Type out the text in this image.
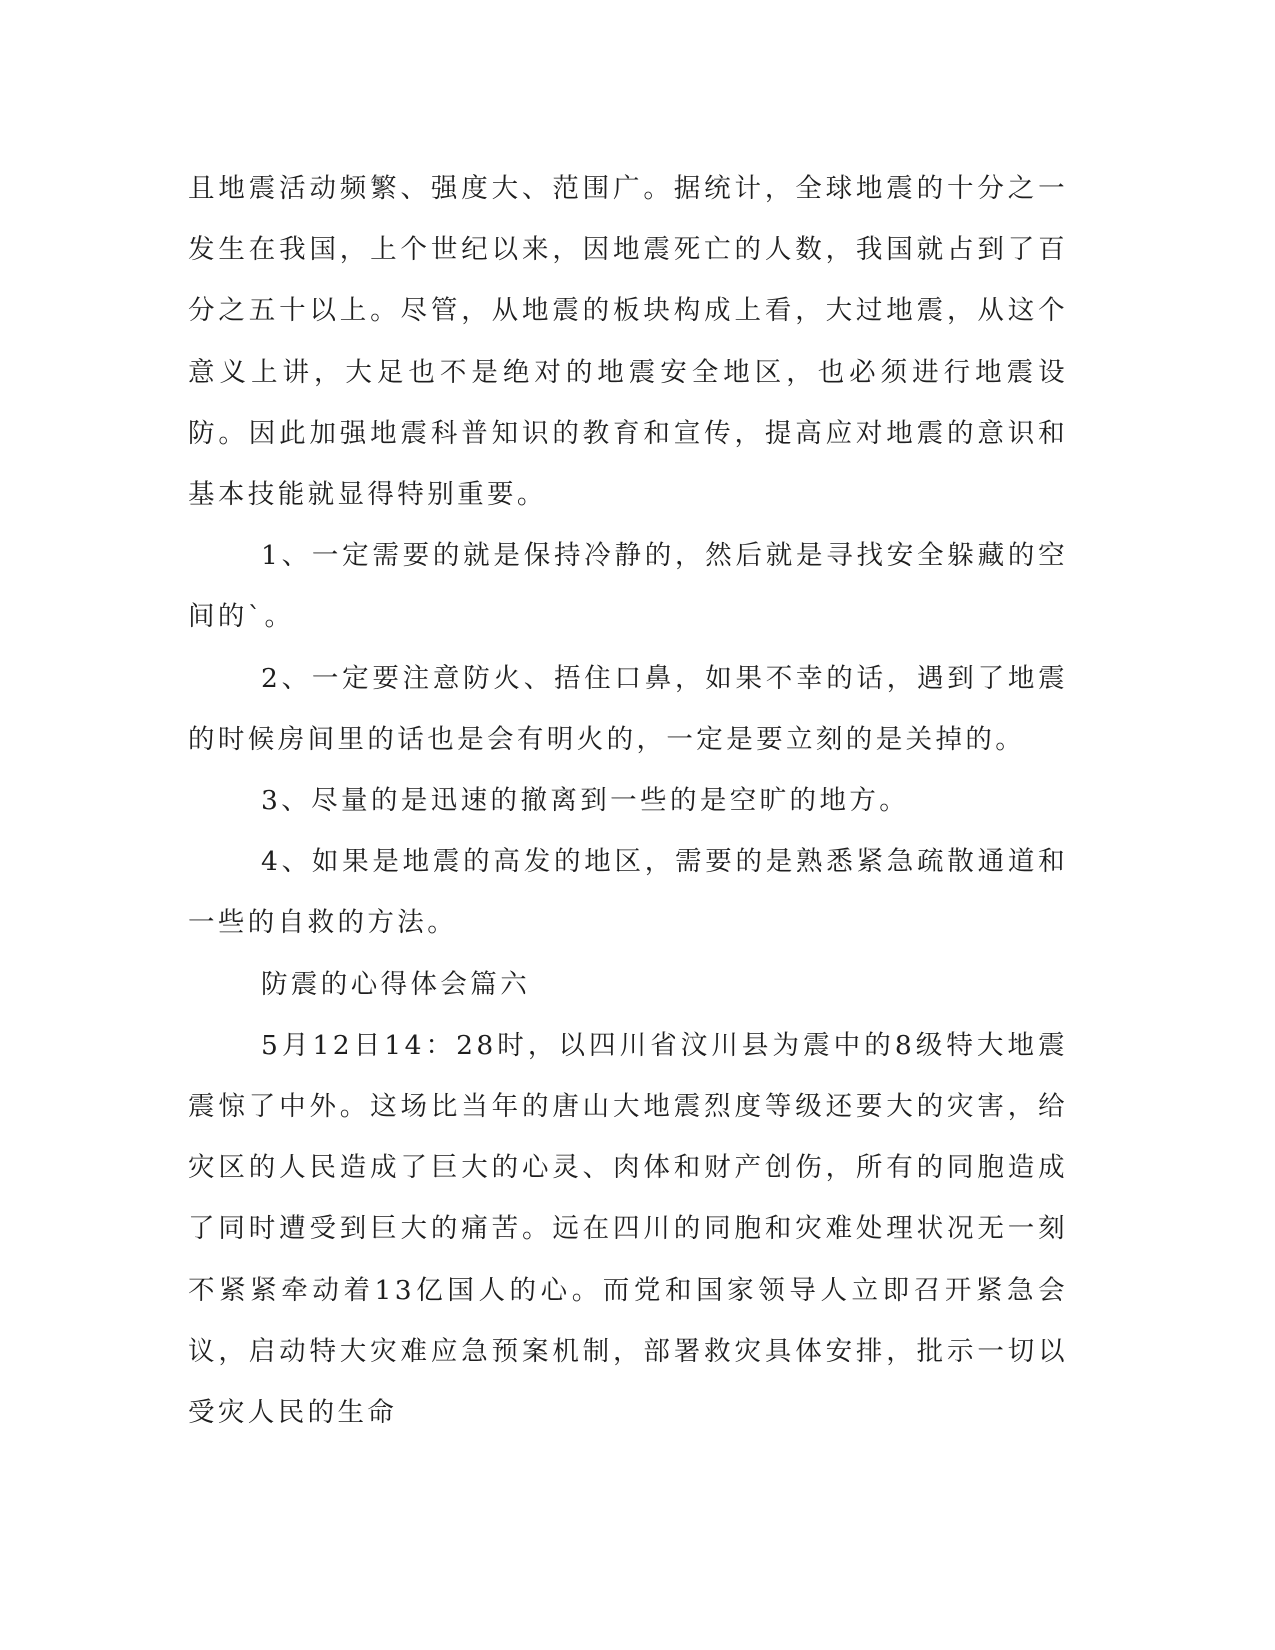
且地震活动频繁、强度大、范围广。据统计，全球地震的十分之一发生在我国，上个世纪以来，因地震死亡的人数，我国就占到了百分之五十以上。尽管，从地震的板块构成上看，大过地震，从这个意义上讲，大足也不是绝对的地震安全地区，也必须进行地震设防。因此加强地震科普知识的教育和宣传，提高应对地震的意识和基本技能就显得特别重要。

1、一定需要的就是保持冷静的，然后就是寻找安全躲藏的空间的`。

2、一定要注意防火、捂住口鼻，如果不幸的话，遇到了地震的时候房间里的话也是会有明火的，一定是要立刻的是关掉的。

3、尽量的是迅速的撤离到一些的是空旷的地方。

4、如果是地震的高发的地区，需要的是熟悉紧急疏散通道和一些的自救的方法。

防震的心得体会篇六

5月12日14：28时，以四川省汶川县为震中的8级特大地震震惊了中外。这场比当年的唐山大地震烈度等级还要大的灾害，给灾区的人民造成了巨大的心灵、肉体和财产创伤，所有的同胞造成了同时遭受到巨大的痛苦。远在四川的同胞和灾难处理状况无一刻不紧紧牵动着13亿国人的心。而党和国家领导人立即召开紧急会议，启动特大灾难应急预案机制，部署救灾具体安排，批示一切以受灾人民的生命
